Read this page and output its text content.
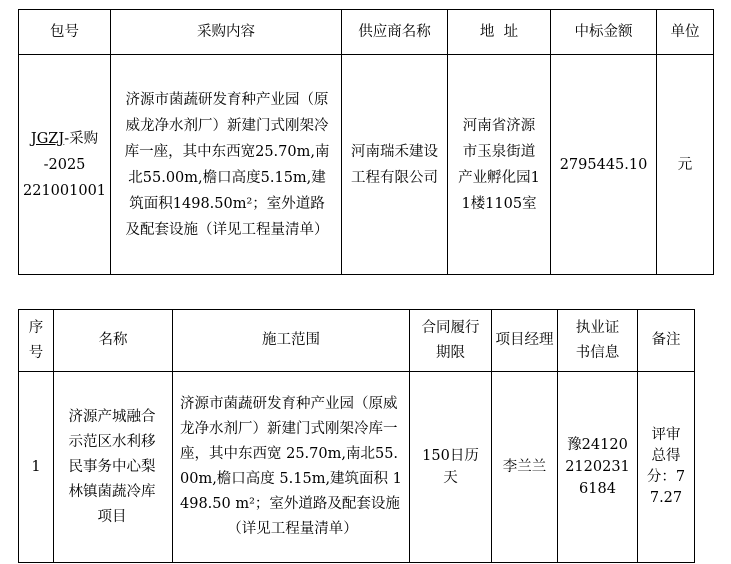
包号	采购内容	供应商名称	地  址	中标金额	单位
JGZJ-采购
-2025
221001001	济源市菌蔬研发育种产业园（原威龙净水剂厂）新建门式刚架冷库一座，其中东西宽25.70m,南北55.00m,檐口高度5.15m,建筑面积1498.50m²；室外道路及配套设施（详见工程量清单）	河南瑞禾建设工程有限公司	河南省济源市玉泉街道产业孵化园11楼1105室	2795445.10	元
序号	名称	施工范围	合同履行期限	项目经理	执业证书信息	备注
1	济源产城融合示范区水利移民事务中心梨林镇菌蔬冷库项目	济源市菌蔬研发育种产业园（原威龙净水剂厂）新建门式刚架冷库一座，其中东西宽 25.70m,南北55.00m,檐口高度 5.15m,建筑面积 1498.50 m²；室外道路及配套设施（详见工程量清单）	150日历天	李兰兰	豫241202120231 6184	评审总得分：77.27
